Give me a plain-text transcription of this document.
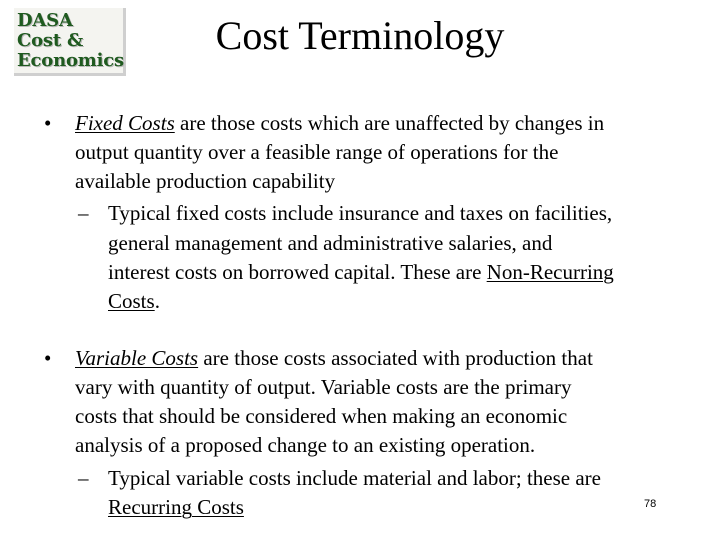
DASA
Cost &
Economics
Cost Terminology
• Fixed Costs are those costs which are unaffected by changes in
output quantity over a feasible range of operations for the
available production capability
– Typical fixed costs include insurance and taxes on facilities,
general management and administrative salaries, and
interest costs on borrowed capital. These are Non-Recurring
Costs.
• Variable Costs are those costs associated with production that
vary with quantity of output. Variable costs are the primary
costs that should be considered when making an economic
analysis of a proposed change to an existing operation.
– Typical variable costs include material and labor; these are
Recurring Costs	78
